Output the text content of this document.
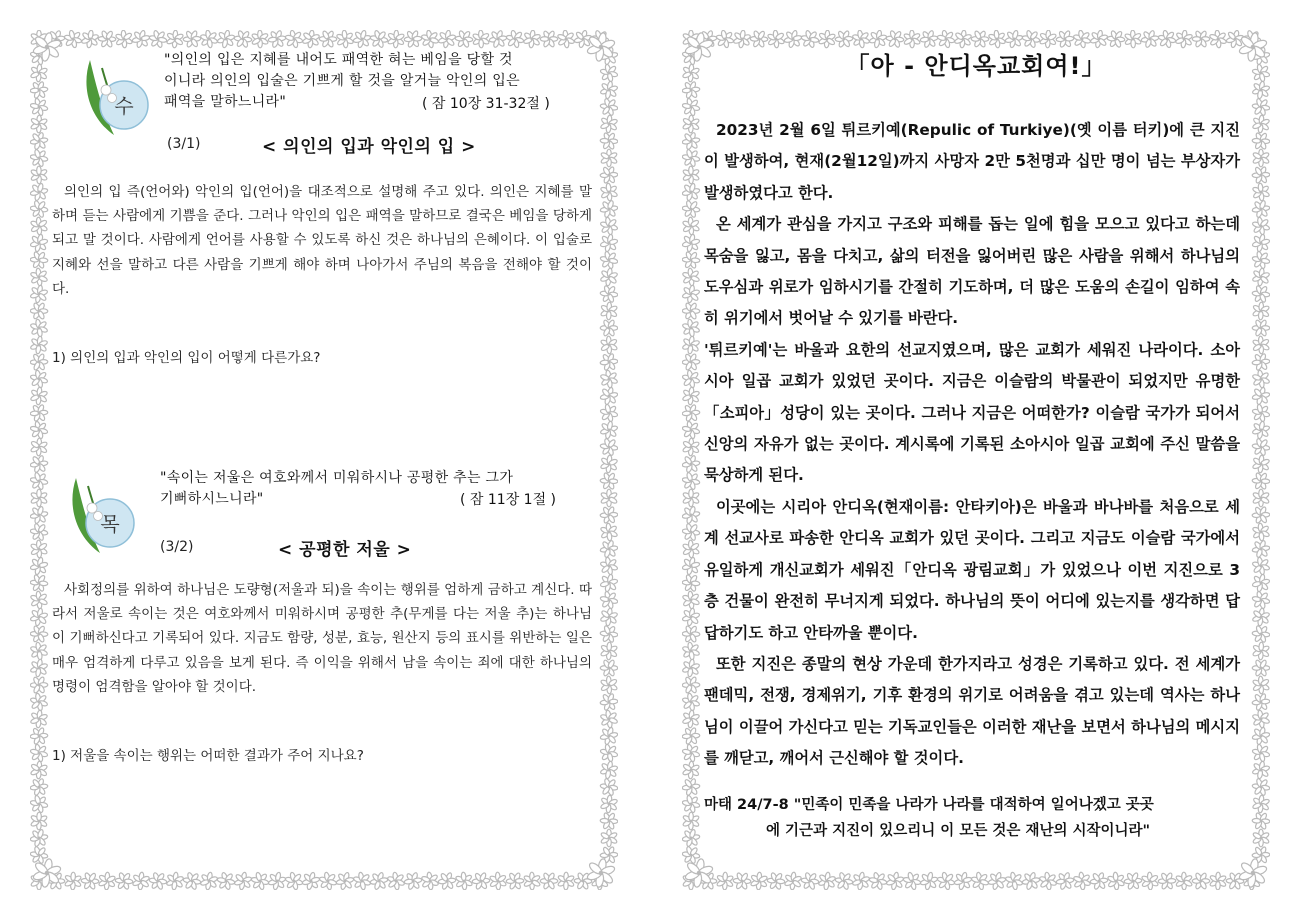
수
"의인의 입은 지혜를 내어도 패역한 혀는 베임을 당할 것
이니라 의인의 입술은 기쁘게 할 것을 알거늘 악인의 입은
패역을 말하느니라"	( 잠 10장 31-32절 )
(3/1)	< 의인의 입과 악인의 입 >
의인의 입 즉(언어와) 악인의 입(언어)을 대조적으로 설명해 주고 있다. 의인은 지혜를 말하며 듣는 사람에게 기쁨을 준다. 그러나 악인의 입은 패역을 말하므로 결국은 베임을 당하게 되고 말 것이다. 사람에게 언어를 사용할 수 있도록 하신 것은 하나님의 은혜이다. 이 입술로 지혜와 선을 말하고 다른 사람을 기쁘게 해야 하며 나아가서 주님의 복음을 전해야 할 것이다.
1) 의인의 입과 악인의 입이 어떻게 다른가요?
목
"속이는 저울은 여호와께서 미워하시나 공평한 추는 그가
기뻐하시느니라"	( 잠 11장 1절 )
(3/2)	< 공평한 저울 >
사회정의를 위하여 하나님은 도량형(저울과 되)을 속이는 행위를 엄하게 금하고 계신다. 따라서 저울로 속이는 것은 여호와께서 미워하시며 공평한 추(무게를 다는 저울 추)는 하나님이 기뻐하신다고 기록되어 있다. 지금도 함량, 성분, 효능, 원산지 등의 표시를 위반하는 일은 매우 엄격하게 다루고 있음을 보게 된다. 즉 이익을 위해서 남을 속이는 죄에 대한 하나님의 명령이 엄격함을 알아야 할 것이다.
1) 저울을 속이는 행위는 어떠한 결과가 주어 지나요?
「아 - 안디옥교회여!」

2023년 2월 6일 튀르키예(Repulic of Turkiye)(옛 이름 터키)에 큰 지진이 발생하여, 현재(2월12일)까지 사망자 2만 5천명과 십만 명이 넘는 부상자가 발생하였다고 한다.

온 세계가 관심을 가지고 구조와 피해를 돕는 일에 힘을 모으고 있다고 하는데 목숨을 잃고, 몸을 다치고, 삶의 터전을 잃어버린 많은 사람을 위해서 하나님의 도우심과 위로가 임하시기를 간절히 기도하며, 더 많은 도움의 손길이 임하여 속히 위기에서 벗어날 수 있기를 바란다.

'튀르키예'는 바울과 요한의 선교지였으며, 많은 교회가 세워진 나라이다. 소아시아 일곱 교회가 있었던 곳이다. 지금은 이슬람의 박물관이 되었지만 유명한 「소피아」성당이 있는 곳이다. 그러나 지금은 어떠한가? 이슬람 국가가 되어서 신앙의 자유가 없는 곳이다. 계시록에 기록된 소아시아 일곱 교회에 주신 말씀을 묵상하게 된다.

이곳에는 시리아 안디옥(현재이름: 안타키아)은 바울과 바나바를 처음으로 세계 선교사로 파송한 안디옥 교회가 있던 곳이다. 그리고 지금도 이슬람 국가에서 유일하게 개신교회가 세워진「안디옥 광림교회」가 있었으나 이번 지진으로 3층 건물이 완전히 무너지게 되었다. 하나님의 뜻이 어디에 있는지를 생각하면 답답하기도 하고 안타까울 뿐이다.

또한 지진은 종말의 현상 가운데 한가지라고 성경은 기록하고 있다. 전 세계가 팬데믹, 전쟁, 경제위기, 기후 환경의 위기로 어려움을 겪고 있는데 역사는 하나님이 이끌어 가신다고 믿는 기독교인들은 이러한 재난을 보면서 하나님의 메시지를 깨닫고, 깨어서 근신해야 할 것이다.

마태 24/7-8 "민족이 민족을 나라가 나라를 대적하여 일어나겠고 곳곳
에 기근과 지진이 있으리니 이 모든 것은 재난의 시작이니라"
